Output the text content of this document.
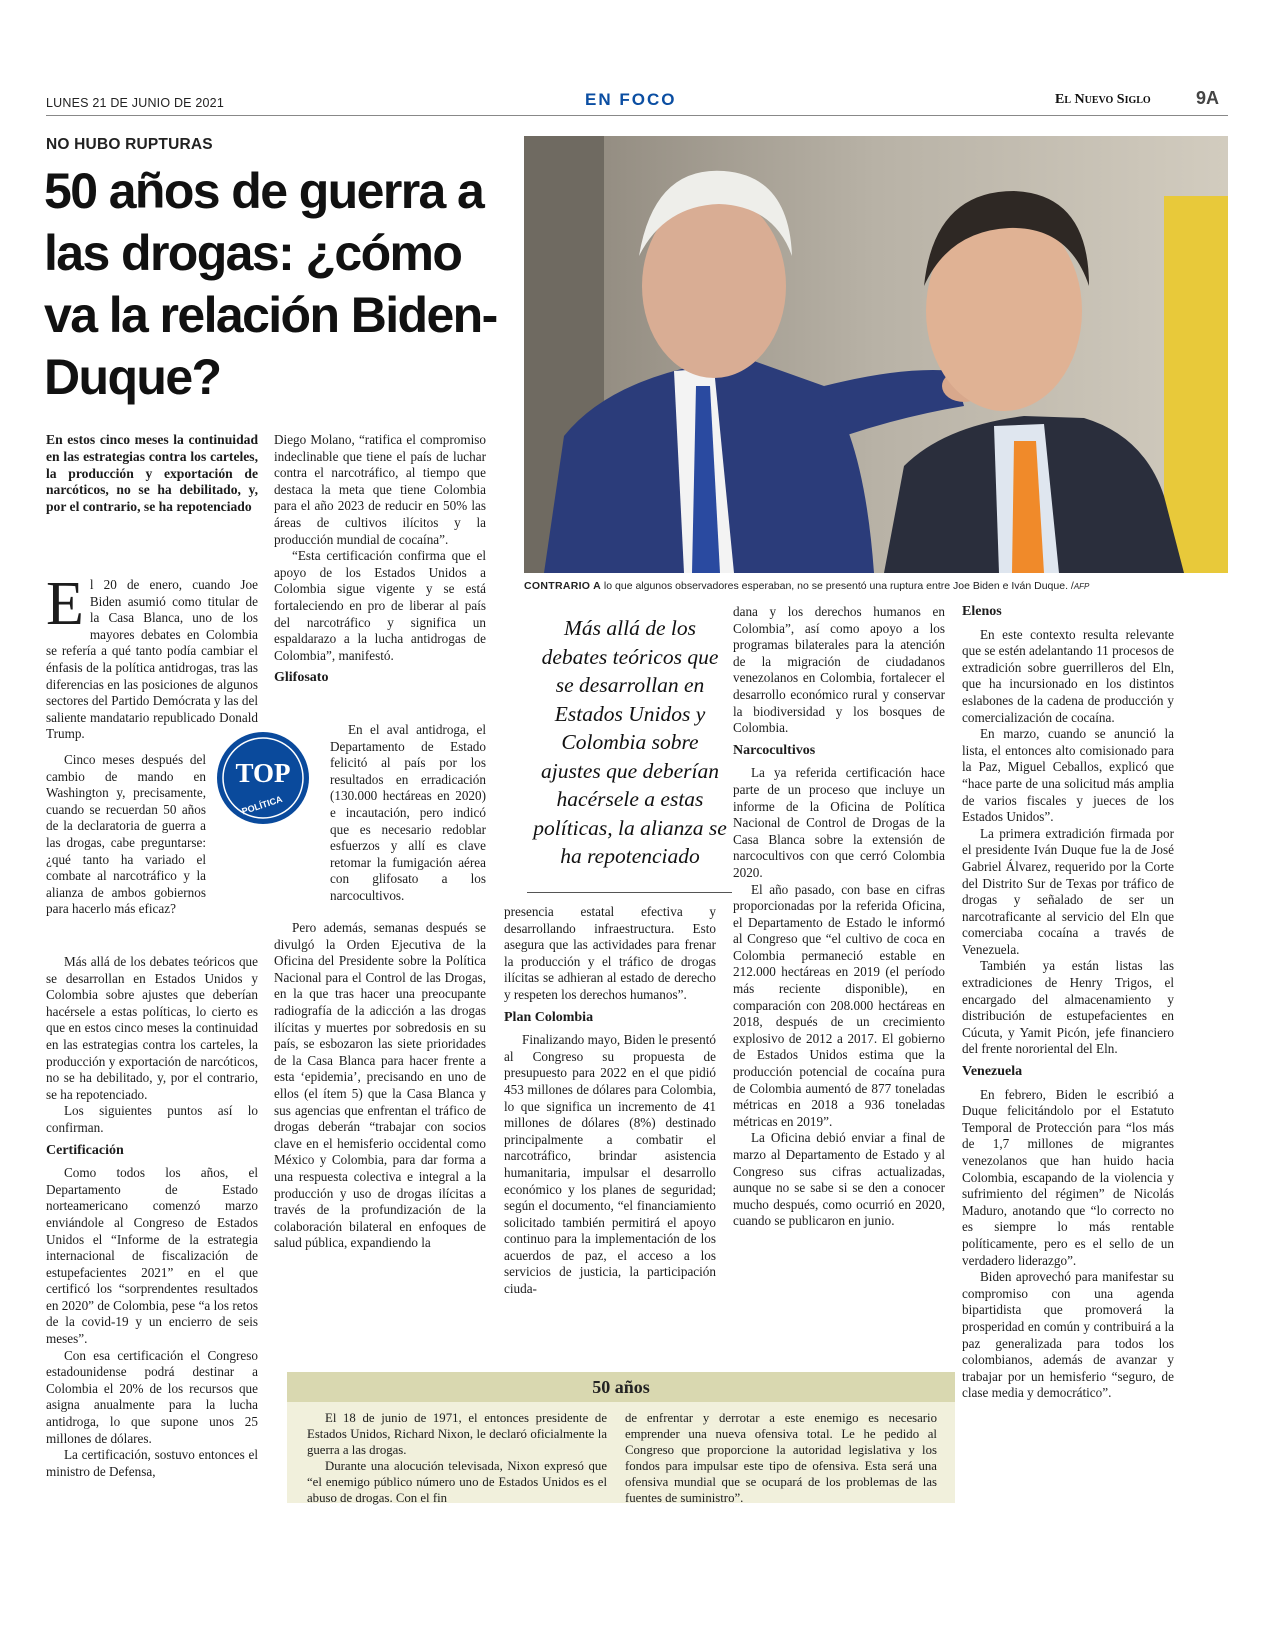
LUNES 21 DE JUNIO DE 2021	EN FOCO	El Nuevo Siglo	9A
NO HUBO RUPTURAS
50 años de guerra a las drogas: ¿cómo va la relación Biden-Duque?
CONTRARIO A lo que algunos observadores esperaban, no se presentó una ruptura entre Joe Biden e Iván Duque. /AFP
En estos cinco meses la continuidad en las estrategias contra los carteles, la producción y exportación de narcóticos, no se ha debilitado, y, por el contrario, se ha repotenciado

El 20 de enero, cuando Joe Biden asumió como titular de la Casa Blanca, uno de los mayores debates en Colombia se refería a qué tanto podía cambiar el énfasis de la política antidrogas, tras las diferencias en las posiciones de algunos sectores del Partido Demócrata y las del saliente mandatario republicado Donald Trump.

Cinco meses después del cambio de mando en Washington y, precisamente, cuando se recuerdan 50 años de la declaratoria de guerra a las drogas, cabe preguntarse: ¿qué tanto ha variado el combate al narcotráfico y la alianza de ambos gobiernos para hacerlo más eficaz?

Más allá de los debates teóricos que se desarrollan en Estados Unidos y Colombia sobre ajustes que deberían hacérsele a estas políticas, lo cierto es que en estos cinco meses la continuidad en las estrategias contra los carteles, la producción y exportación de narcóticos, no se ha debilitado, y, por el contrario, se ha repotenciado.

Los siguientes puntos así lo confirman.

Certificación

Como todos los años, el Departamento de Estado norteamericano comenzó marzo enviándole al Congreso de Estados Unidos el “Informe de la estrategia internacional de fiscalización de estupefacientes 2021” en el que certificó los “sorprendentes resultados en 2020” de Colombia, pese “a los retos de la covid-19 y un encierro de seis meses”.

Con esa certificación el Congreso estadounidense podrá destinar a Colombia el 20% de los recursos que asigna anualmente para la lucha antidroga, lo que supone unos 25 millones de dólares.

La certificación, sostuvo entonces el ministro de Defensa,

TOP
POLÍTICA

Diego Molano, “ratifica el compromiso indeclinable que tiene el país de luchar contra el narcotráfico, al tiempo que destaca la meta que tiene Colombia para el año 2023 de reducir en 50% las áreas de cultivos ilícitos y la producción mundial de cocaína”.

“Esta certificación confirma que el apoyo de los Estados Unidos a Colombia sigue vigente y se está fortaleciendo en pro de liberar al país del narcotráfico y significa un espaldarazo a la lucha antidrogas de Colombia”, manifestó.

Glifosato

En el aval antidroga, el Departamento de Estado felicitó al país por los resultados en erradicación (130.000 hectáreas en 2020) e incautación, pero indicó que es necesario redoblar esfuerzos y allí es clave retomar la fumigación aérea con glifosato a los narcocultivos.

Pero además, semanas después se divulgó la Orden Ejecutiva de la Oficina del Presidente sobre la Política Nacional para el Control de las Drogas, en la que tras hacer una preocupante radiografía de la adicción a las drogas ilícitas y muertes por sobredosis en su país, se esbozaron las siete prioridades de la Casa Blanca para hacer frente a esta ‘epidemia’, precisando en uno de ellos (el ítem 5) que la Casa Blanca y sus agencias que enfrentan el tráfico de drogas deberán “trabajar con socios clave en el hemisferio occidental como México y Colombia, para dar forma a una respuesta colectiva e integral a la producción y uso de drogas ilícitas a través de la profundización de la colaboración bilateral en enfoques de salud pública, expandiendo la

Más allá de los debates teóricos que se desarrollan en Estados Unidos y Colombia sobre ajustes que deberían hacérsele a estas políticas, la alianza se ha repotenciado

presencia estatal efectiva y desarrollando infraestructura. Esto asegura que las actividades para frenar la producción y el tráfico de drogas ilícitas se adhieran al estado de derecho y respeten los derechos humanos”.

Plan Colombia

Finalizando mayo, Biden le presentó al Congreso su propuesta de presupuesto para 2022 en el que pidió 453 millones de dólares para Colombia, lo que significa un incremento de 41 millones de dólares (8%) destinado principalmente a combatir el narcotráfico, brindar asistencia humanitaria, impulsar el desarrollo económico y los planes de seguridad; según el documento, “el financiamiento solicitado también permitirá el apoyo continuo para la implementación de los acuerdos de paz, el acceso a los servicios de justicia, la participación ciuda-

dana y los derechos humanos en Colombia”, así como apoyo a los programas bilaterales para la atención de la migración de ciudadanos venezolanos en Colombia, fortalecer el desarrollo económico rural y conservar la biodiversidad y los bosques de Colombia.

Narcocultivos

La ya referida certificación hace parte de un proceso que incluye un informe de la Oficina de Política Nacional de Control de Drogas de la Casa Blanca sobre la extensión de narcocultivos con que cerró Colombia 2020.

El año pasado, con base en cifras proporcionadas por la referida Oficina, el Departamento de Estado le informó al Congreso que “el cultivo de coca en Colombia permaneció estable en 212.000 hectáreas en 2019 (el período más reciente disponible), en comparación con 208.000 hectáreas en 2018, después de un crecimiento explosivo de 2012 a 2017. El gobierno de Estados Unidos estima que la producción potencial de cocaína pura de Colombia aumentó de 877 toneladas métricas en 2018 a 936 toneladas métricas en 2019”.

La Oficina debió enviar a final de marzo al Departamento de Estado y al Congreso sus cifras actualizadas, aunque no se sabe si se den a conocer mucho después, como ocurrió en 2020, cuando se publicaron en junio.

Elenos

En este contexto resulta relevante que se estén adelantando 11 procesos de extradición sobre guerrilleros del Eln, que ha incursionado en los distintos eslabones de la cadena de producción y comercialización de cocaína.

En marzo, cuando se anunció la lista, el entonces alto comisionado para la Paz, Miguel Ceballos, explicó que “hace parte de una solicitud más amplia de varios fiscales y jueces de los Estados Unidos”.

La primera extradición firmada por el presidente Iván Duque fue la de José Gabriel Álvarez, requerido por la Corte del Distrito Sur de Texas por tráfico de drogas y señalado de ser un narcotraficante al servicio del Eln que comerciaba cocaína a través de Venezuela.

También ya están listas las extradiciones de Henry Trigos, el encargado del almacenamiento y distribución de estupefacientes en Cúcuta, y Yamit Picón, jefe financiero del frente nororiental del Eln.

Venezuela

En febrero, Biden le escribió a Duque felicitándolo por el Estatuto Temporal de Protección para “los más de 1,7 millones de migrantes venezolanos que han huido hacia Colombia, escapando de la violencia y sufrimiento del régimen” de Nicolás Maduro, anotando que “lo correcto no es siempre lo más rentable políticamente, pero es el sello de un verdadero liderazgo”.

Biden aprovechó para manifestar su compromiso con una agenda bipartidista que promoverá la prosperidad en común y contribuirá a la paz generalizada para todos los colombianos, además de avanzar y trabajar por un hemisferio “seguro, de clase media y democrático”.

50 años

El 18 de junio de 1971, el entonces presidente de Estados Unidos, Richard Nixon, le declaró oficialmente la guerra a las drogas.

Durante una alocución televisada, Nixon expresó que “el enemigo público número uno de Estados Unidos es el abuso de drogas. Con el fin

de enfrentar y derrotar a este enemigo es necesario emprender una nueva ofensiva total. Le he pedido al Congreso que proporcione la autoridad legislativa y los fondos para impulsar este tipo de ofensiva. Esta será una ofensiva mundial que se ocupará de los problemas de las fuentes de suministro”.
